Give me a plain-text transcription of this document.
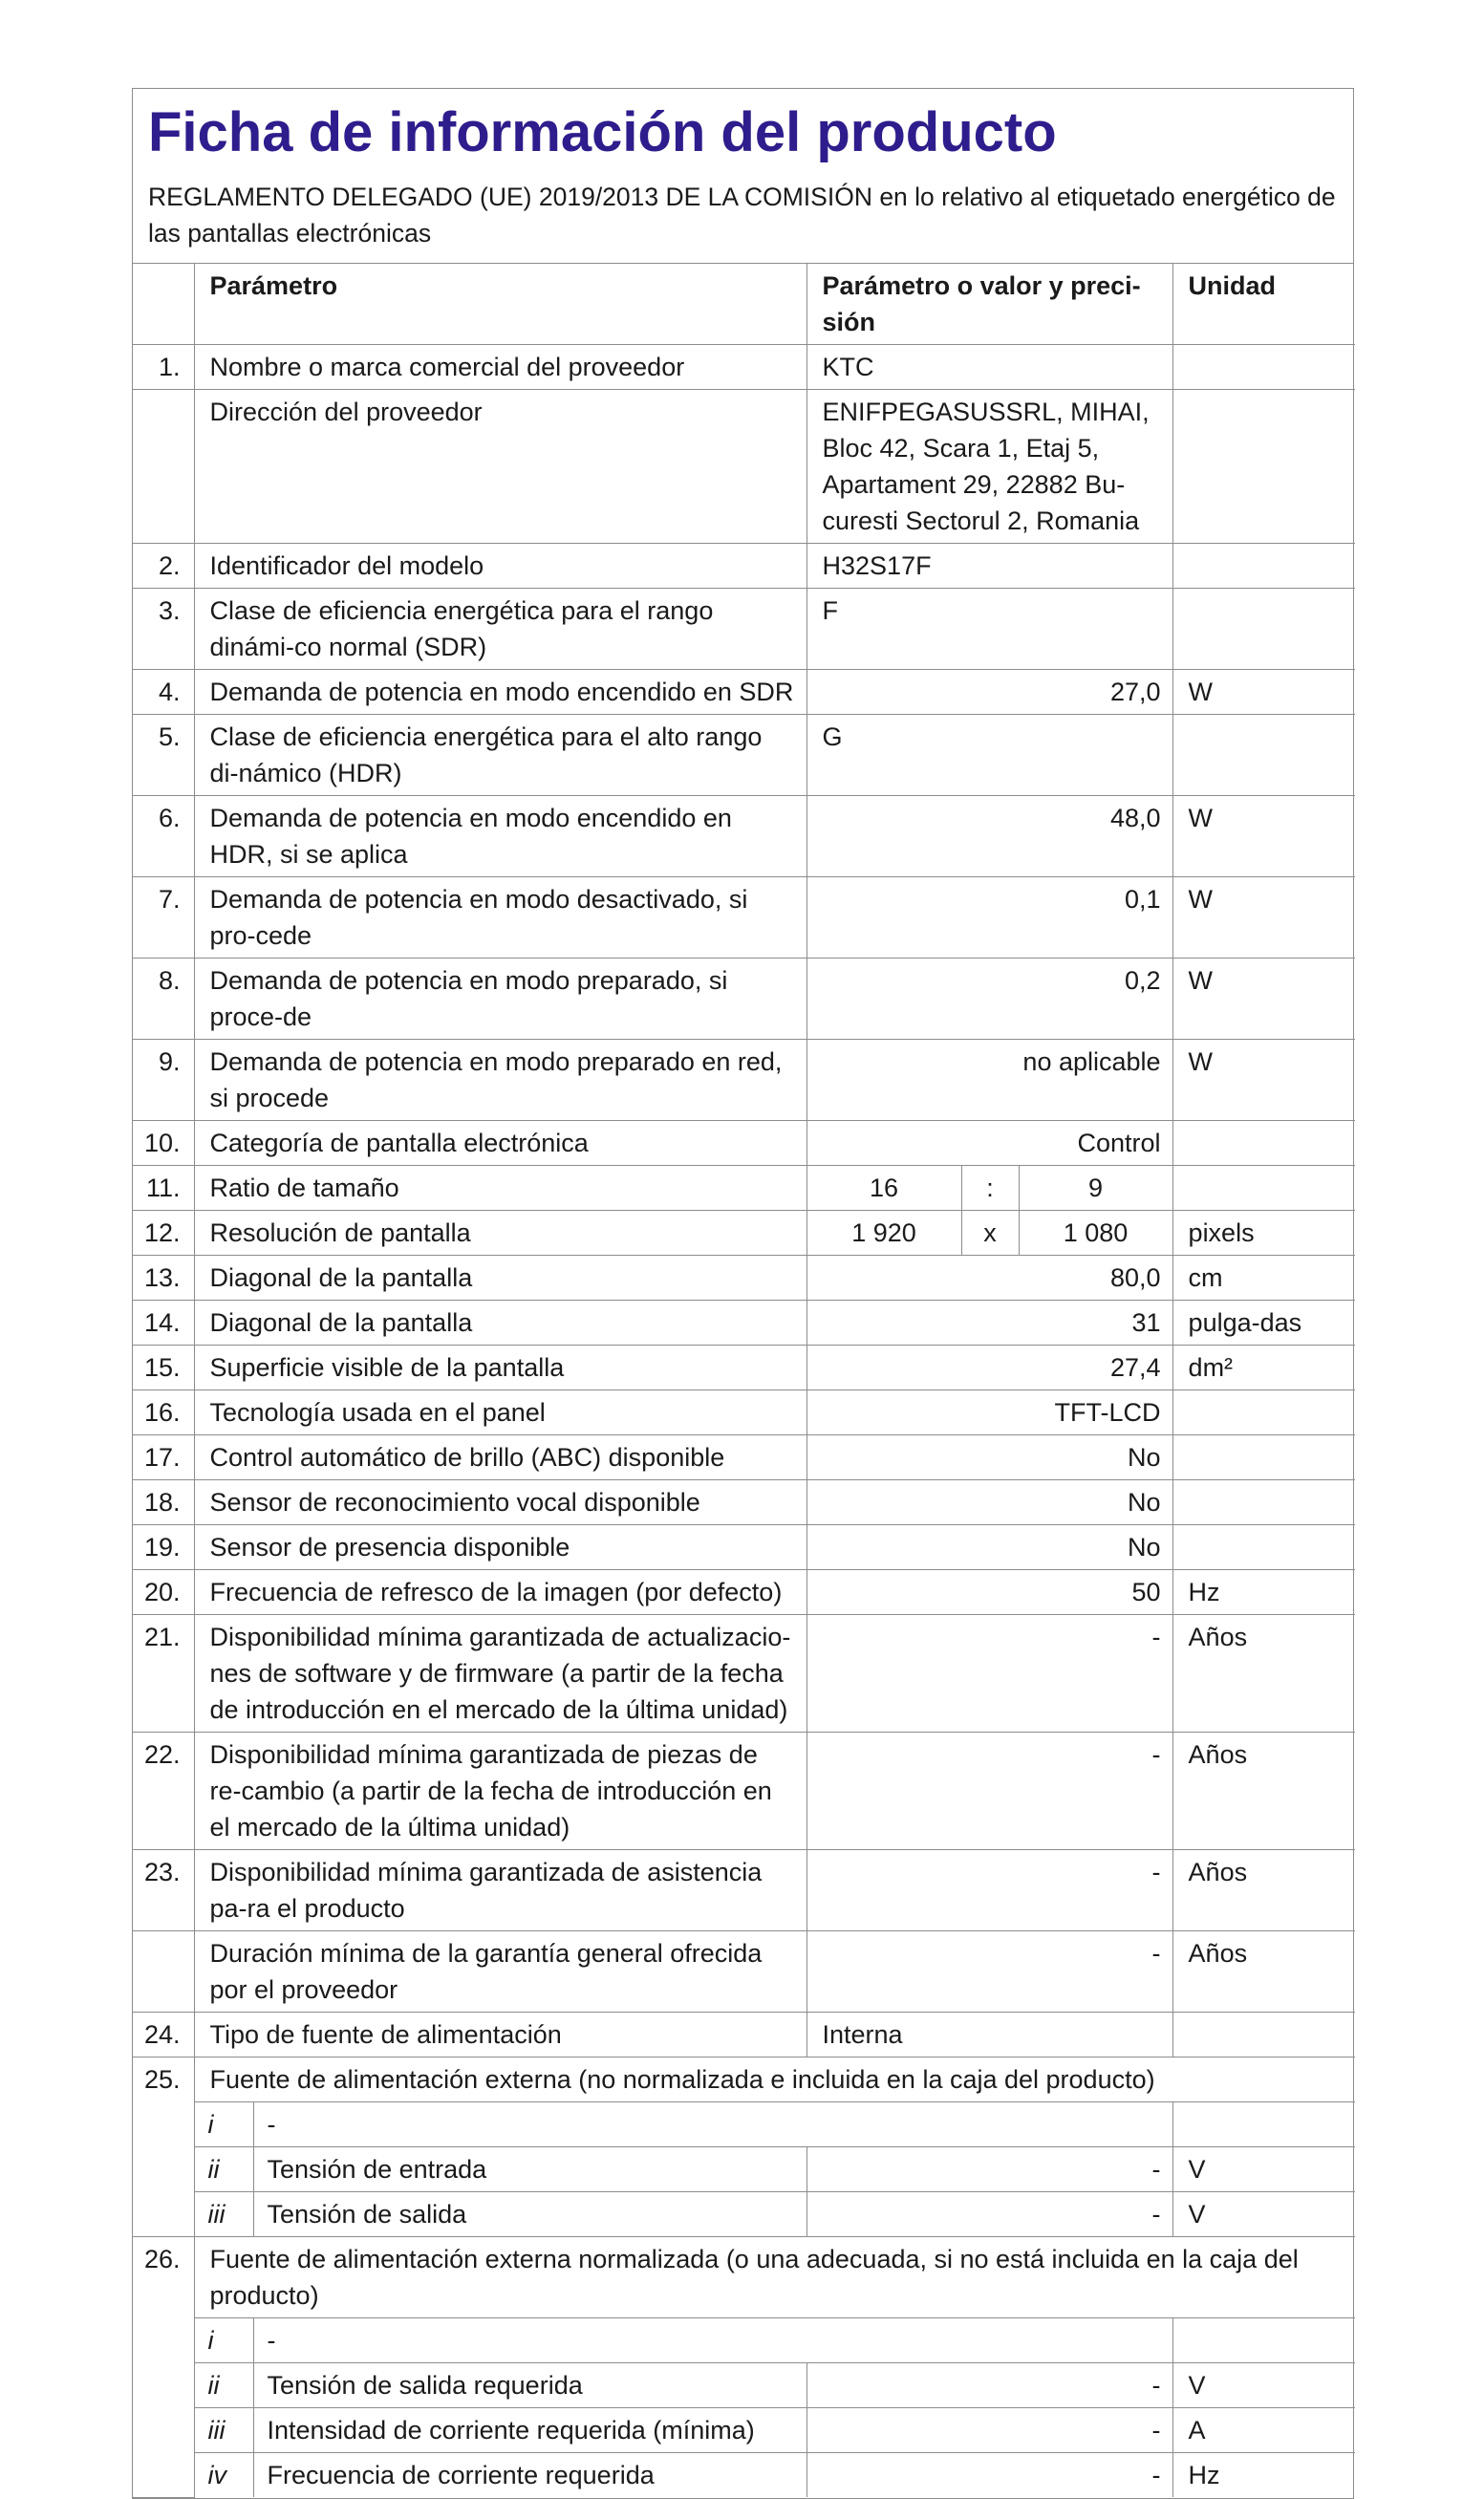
Ficha de información del producto
REGLAMENTO DELEGADO (UE) 2019/2013 DE LA COMISIÓN en lo relativo al etiquetado energético de las pantallas electrónicas
	Parámetro		Parámetro o valor y preci-sión			Unidad
1.	Nombre o marca comercial del proveedor		KTC			
	Dirección del proveedor		ENIFPEGASUSSRL, MIHAI, Bloc 42, Scara 1, Etaj 5, Apartament 29, 22882 Bu-curesti Sectorul 2, Romania			
2.	Identificador del modelo		H32S17F			
3.	Clase de eficiencia energética para el rango dinámi-co normal (SDR)		F			
4.	Demanda de potencia en modo encendido en SDR		27,0			W
5.	Clase de eficiencia energética para el alto rango di-námico (HDR)		G			
6.	Demanda de potencia en modo encendido en HDR, si se aplica		48,0			W
7.	Demanda de potencia en modo desactivado, si pro-cede		0,1			W
8.	Demanda de potencia en modo preparado, si proce-de		0,2			W
9.	Demanda de potencia en modo preparado en red, si procede		no aplicable			W
10.	Categoría de pantalla electrónica		Control			
11.	Ratio de tamaño		16	:	9	
12.	Resolución de pantalla		1 920	x	1 080	pixels
13.	Diagonal de la pantalla		80,0			cm
14.	Diagonal de la pantalla		31			pulga-das
15.	Superficie visible de la pantalla		27,4			dm²
16.	Tecnología usada en el panel		TFT-LCD			
17.	Control automático de brillo (ABC) disponible		No			
18.	Sensor de reconocimiento vocal disponible		No			
19.	Sensor de presencia disponible		No			
20.	Frecuencia de refresco de la imagen (por defecto)		50			Hz
21.	Disponibilidad mínima garantizada de actualizacio-nes de software y de firmware (a partir de la fecha de introducción en el mercado de la última unidad)		-			Años
22.	Disponibilidad mínima garantizada de piezas de re-cambio (a partir de la fecha de introducción en el mercado de la última unidad)		-			Años
23.	Disponibilidad mínima garantizada de asistencia pa-ra el producto		-			Años
	Duración mínima de la garantía general ofrecida por el proveedor		-			Años
24.	Tipo de fuente de alimentación		Interna			
25.	Fuente de alimentación externa (no normalizada e incluida en la caja del producto)					
	i	-				
	ii	Tensión de entrada	-			V
	iii	Tensión de salida	-			V
26.	Fuente de alimentación externa normalizada (o una adecuada, si no está incluida en la caja del producto)					
	i	-				
	ii	Tensión de salida requerida	-			V
	iii	Intensidad de corriente requerida (mínima)	-			A
	iv	Frecuencia de corriente requerida	-			Hz
